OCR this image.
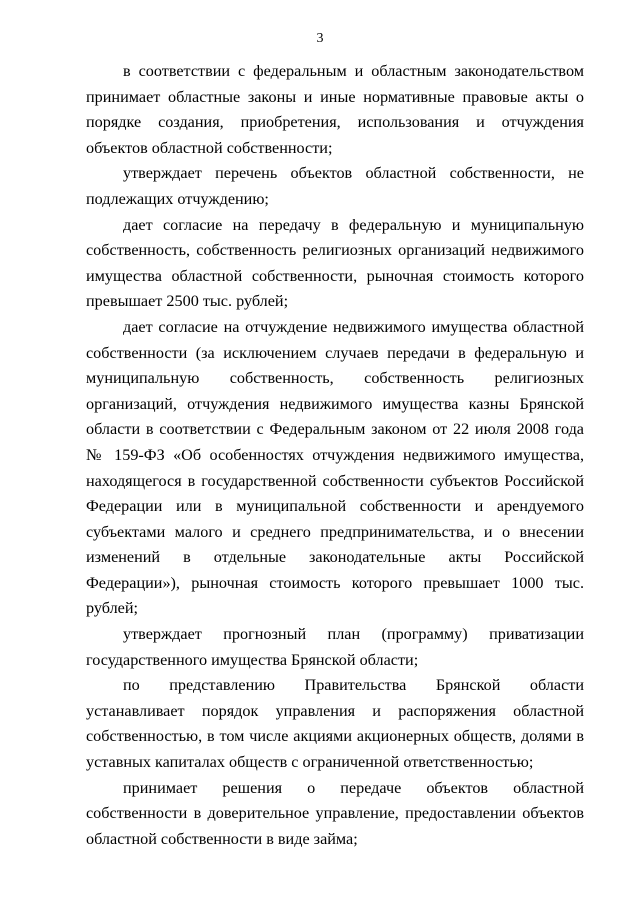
3

в соответствии с федеральным и областным законодательством принимает областные законы и иные нормативные правовые акты о порядке создания, приобретения, использования и отчуждения объектов областной собственности;

утверждает перечень объектов областной собственности, не подлежащих отчуждению;

дает согласие на передачу в федеральную и муниципальную собственность, собственность религиозных организаций недвижимого имущества областной собственности, рыночная стоимость которого превышает 2500 тыс. рублей;

дает согласие на отчуждение недвижимого имущества областной собственности (за исключением случаев передачи в федеральную и муниципальную собственность, собственность религиозных организаций, отчуждения недвижимого имущества казны Брянской области в соответствии с Федеральным законом от 22 июля 2008 года № 159-ФЗ «Об особенностях отчуждения недвижимого имущества, находящегося в государственной собственности субъектов Российской Федерации или в муниципальной собственности и арендуемого субъектами малого и среднего предпринимательства, и о внесении изменений в отдельные законодательные акты Российской Федерации»), рыночная стоимость которого превышает 1000 тыс. рублей;

утверждает прогнозный план (программу) приватизации государственного имущества Брянской области;

по представлению Правительства Брянской области устанавливает порядок управления и распоряжения областной собственностью, в том числе акциями акционерных обществ, долями в уставных капиталах обществ с ограниченной ответственностью;

принимает решения о передаче объектов областной собственности в доверительное управление, предоставлении объектов областной собственности в виде займа;
